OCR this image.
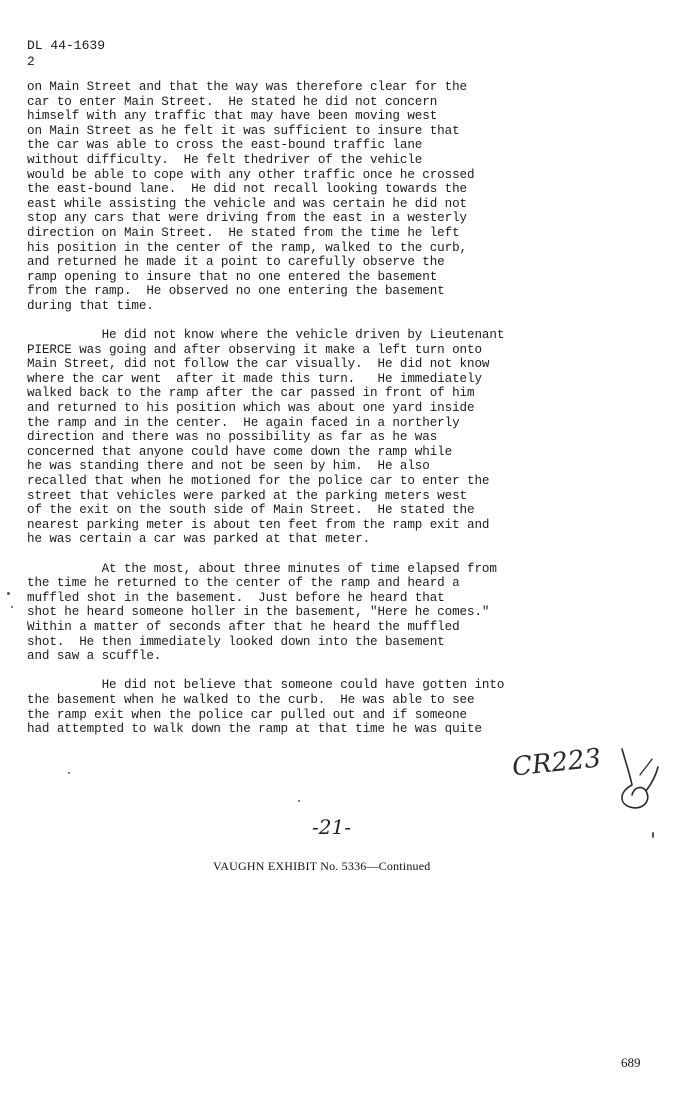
DL 44-1639
2
on Main Street and that the way was therefore clear for the
car to enter Main Street.  He stated he did not concern
himself with any traffic that may have been moving west
on Main Street as he felt it was sufficient to insure that
the car was able to cross the east-bound traffic lane
without difficulty.  He felt thedriver of the vehicle
would be able to cope with any other traffic once he crossed
the east-bound lane.  He did not recall looking towards the
east while assisting the vehicle and was certain he did not
stop any cars that were driving from the east in a westerly
direction on Main Street.  He stated from the time he left
his position in the center of the ramp, walked to the curb,
and returned he made it a point to carefully observe the
ramp opening to insure that no one entered the basement
from the ramp.  He observed no one entering the basement
during that time.
He did not know where the vehicle driven by Lieutenant
PIERCE was going and after observing it make a left turn onto
Main Street, did not follow the car visually.  He did not know
where the car went  after it made this turn.   He immediately
walked back to the ramp after the car passed in front of him
and returned to his position which was about one yard inside
the ramp and in the center.  He again faced in a northerly
direction and there was no possibility as far as he was
concerned that anyone could have come down the ramp while
he was standing there and not be seen by him.  He also
recalled that when he motioned for the police car to enter the
street that vehicles were parked at the parking meters west
of the exit on the south side of Main Street.  He stated the
nearest parking meter is about ten feet from the ramp exit and
he was certain a car was parked at that meter.
At the most, about three minutes of time elapsed from
the time he returned to the center of the ramp and heard a
muffled shot in the basement.  Just before he heard that
shot he heard someone holler in the basement, "Here he comes."
Within a matter of seconds after that he heard the muffled
shot.  He then immediately looked down into the basement
and saw a scuffle.
He did not believe that someone could have gotten into
the basement when he walked to the curb.  He was able to see
the ramp exit when the police car pulled out and if someone
had attempted to walk down the ramp at that time he was quite
CR223
-21-
VAUGHN EXHIBIT No. 5336—Continued
689
